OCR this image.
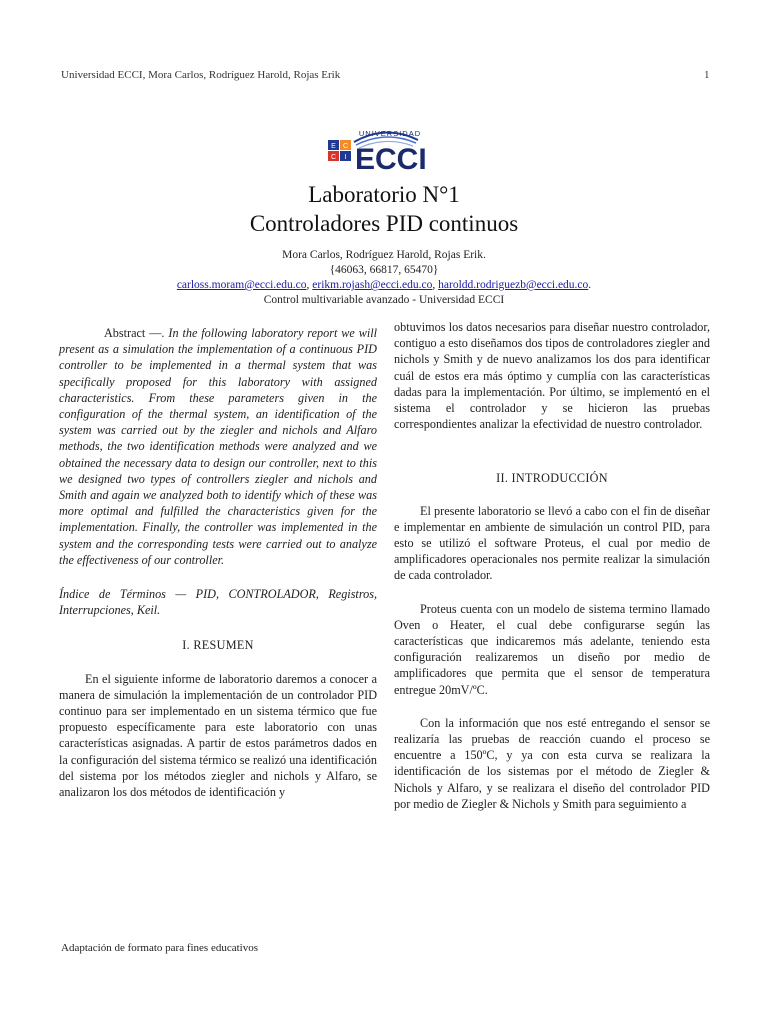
Universidad ECCI, Mora Carlos, Rodríguez Harold, Rojas Erik	1
E C
C I
UNIVERSIDAD
ECCI
Laboratorio N°1
Controladores PID continuos
Mora Carlos, Rodríguez Harold, Rojas Erik.
{46063, 66817, 65470}
carloss.moram@ecci.edu.co, erikm.rojash@ecci.edu.co, haroldd.rodriguezb@ecci.edu.co.
Control multivariable avanzado - Universidad ECCI

Abstract —. In the following laboratory report we will present as a simulation the implementation of a continuous PID controller to be implemented in a thermal system that was specifically proposed for this laboratory with assigned characteristics. From these parameters given in the configuration of the thermal system, an identification of the system was carried out by the ziegler and nichols and Alfaro methods, the two identification methods were analyzed and we obtained the necessary data to design our controller, next to this we designed two types of controllers ziegler and nichols and Smith and again we analyzed both to identify which of these was more optimal and fulfilled the characteristics given for the implementation. Finally, the controller was implemented in the system and the corresponding tests were carried out to analyze the effectiveness of our controller.

Índice de Términos — PID, CONTROLADOR, Registros, Interrupciones, Keil.

I. RESUMEN

En el siguiente informe de laboratorio daremos a conocer a manera de simulación la implementación de un controlador PID continuo para ser implementado en un sistema térmico que fue propuesto específicamente para este laboratorio con unas características asignadas. A partir de estos parámetros dados en la configuración del sistema térmico se realizó una identificación del sistema por los métodos ziegler and nichols y Alfaro, se analizaron los dos métodos de identificación y

obtuvimos los datos necesarios para diseñar nuestro controlador, contiguo a esto diseñamos dos tipos de controladores ziegler and nichols y Smith y de nuevo analizamos los dos para identificar cuál de estos era más óptimo y cumplía con las características dadas para la implementación. Por último, se implementó en el sistema el controlador y se hicieron las pruebas correspondientes analizar la efectividad de nuestro controlador.

II. INTRODUCCIÓN

El presente laboratorio se llevó a cabo con el fin de diseñar e implementar en ambiente de simulación un control PID, para esto se utilizó el software Proteus, el cual por medio de amplificadores operacionales nos permite realizar la simulación de cada controlador.

Proteus cuenta con un modelo de sistema termino llamado Oven o Heater, el cual debe configurarse según las características que indicaremos más adelante, teniendo esta configuración realizaremos un diseño por medio de amplificadores que permita que el sensor de temperatura entregue 20mV/ºC.

Con la información que nos esté entregando el sensor se realizaría las pruebas de reacción cuando el proceso se encuentre a 150ºC, y ya con esta curva se realizara la identificación de los sistemas por el método de Ziegler & Nichols y Alfaro, y se realizara el diseño del controlador PID por medio de Ziegler & Nichols y Smith para seguimiento a

Adaptación de formato para fines educativos
